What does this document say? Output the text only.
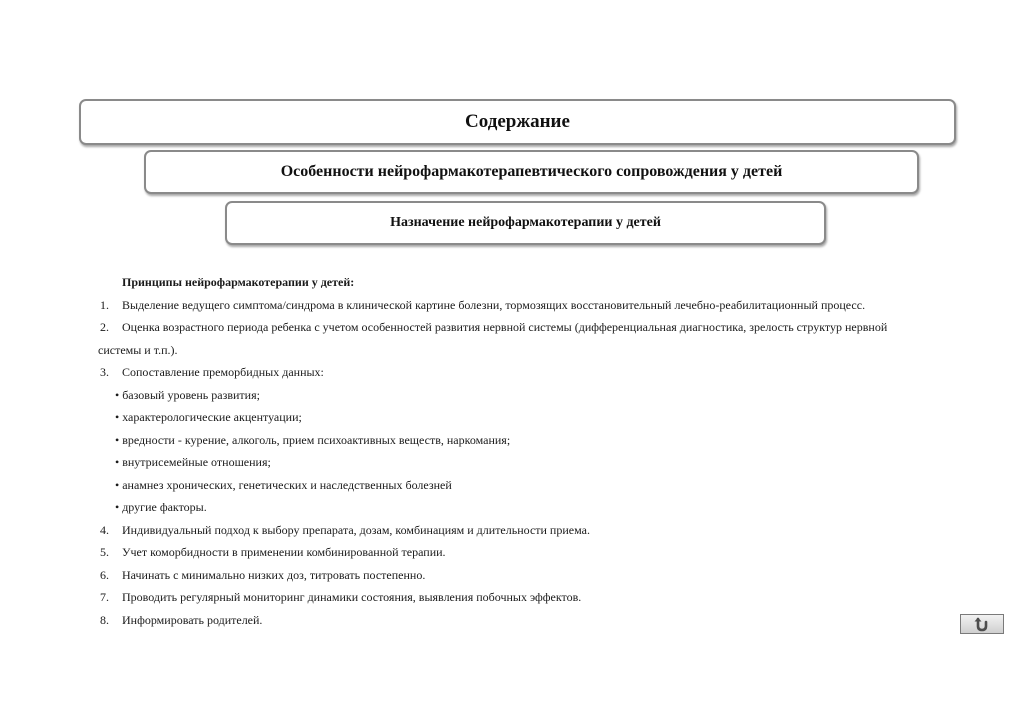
Содержание
Особенности нейрофармакотерапевтического сопровождения у детей
Назначение нейрофармакотерапии у детей
Принципы нейрофармакотерапии у детей:
1. Выделение ведущего симптома/синдрома в клинической картине болезни, тормозящих восстановительный лечебно-реабилитационный процесс.
2. Оценка возрастного периода ребенка с учетом особенностей развития нервной системы (дифференциальная диагностика, зрелость структур нервной системы и т.п.).
3. Сопоставление преморбидных данных:
• базовый уровень развития;
• характерологические акцентуации;
• вредности - курение, алкоголь, прием психоактивных веществ, наркомания;
• внутрисемейные отношения;
• анамнез хронических, генетических и наследственных болезней
• другие факторы.
4. Индивидуальный подход к выбору препарата, дозам, комбинациям и длительности приема.
5. Учет коморбидности в применении комбинированной терапии.
6. Начинать с минимально низких доз, титровать постепенно.
7. Проводить регулярный мониторинг динамики состояния, выявления побочных эффектов.
8. Информировать родителей.
